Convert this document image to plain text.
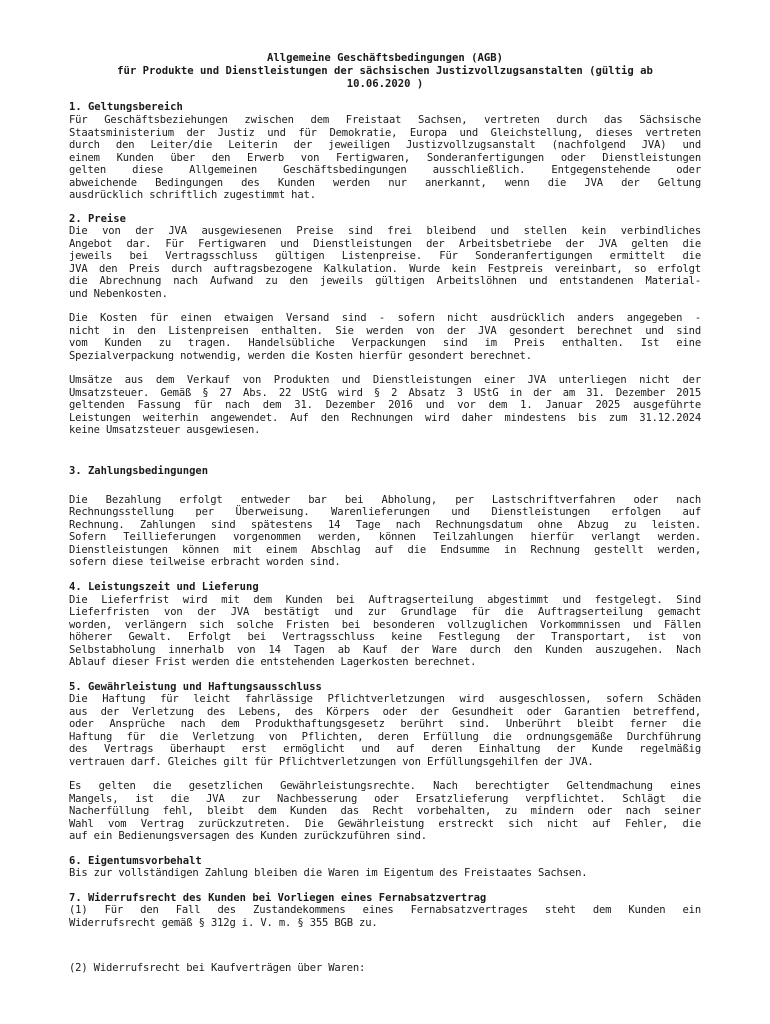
Allgemeine Geschäftsbedingungen (AGB)
für Produkte und Dienstleistungen der sächsischen Justizvollzugsanstalten (gültig ab
10.06.2020 )
1. Geltungsbereich
Für Geschäftsbeziehungen zwischen dem Freistaat Sachsen, vertreten durch das Sächsische
Staatsministerium der Justiz und für Demokratie, Europa und Gleichstellung, dieses vertreten
durch den Leiter/die Leiterin der jeweiligen Justizvollzugsanstalt (nachfolgend JVA) und
einem Kunden über den Erwerb von Fertigwaren, Sonderanfertigungen oder Dienstleistungen
gelten diese Allgemeinen Geschäftsbedingungen ausschließlich. Entgegenstehende oder
abweichende Bedingungen des Kunden werden nur anerkannt, wenn die JVA der Geltung
ausdrücklich schriftlich zugestimmt hat.
2. Preise
Die von der JVA ausgewiesenen Preise sind frei bleibend und stellen kein verbindliches
Angebot dar. Für Fertigwaren und Dienstleistungen der Arbeitsbetriebe der JVA gelten die
jeweils bei Vertragsschluss gültigen Listenpreise. Für Sonderanfertigungen ermittelt die
JVA den Preis durch auftragsbezogene Kalkulation. Wurde kein Festpreis vereinbart, so erfolgt
die Abrechnung nach Aufwand zu den jeweils gültigen Arbeitslöhnen und entstandenen Material-
und Nebenkosten.
Die Kosten für einen etwaigen Versand sind - sofern nicht ausdrücklich anders angegeben -
nicht in den Listenpreisen enthalten. Sie werden von der JVA gesondert berechnet und sind
vom Kunden zu tragen. Handelsübliche Verpackungen sind im Preis enthalten. Ist eine
Spezialverpackung notwendig, werden die Kosten hierfür gesondert berechnet.
Umsätze aus dem Verkauf von Produkten und Dienstleistungen einer JVA unterliegen nicht der
Umsatzsteuer. Gemäß § 27 Abs. 22 UStG wird § 2 Absatz 3 UStG in der am 31. Dezember 2015
geltenden Fassung für nach dem 31. Dezember 2016 und vor dem 1. Januar 2025 ausgeführte
Leistungen weiterhin angewendet. Auf den Rechnungen wird daher mindestens bis zum 31.12.2024
keine Umsatzsteuer ausgewiesen.
3. Zahlungsbedingungen
Die Bezahlung erfolgt entweder bar bei Abholung, per Lastschriftverfahren oder nach
Rechnungsstellung per Überweisung. Warenlieferungen und Dienstleistungen erfolgen auf
Rechnung. Zahlungen sind spätestens 14 Tage nach Rechnungsdatum ohne Abzug zu leisten.
Sofern Teillieferungen vorgenommen werden, können Teilzahlungen hierfür verlangt werden.
Dienstleistungen können mit einem Abschlag auf die Endsumme in Rechnung gestellt werden,
sofern diese teilweise erbracht worden sind.
4. Leistungszeit und Lieferung
Die Lieferfrist wird mit dem Kunden bei Auftragserteilung abgestimmt und festgelegt. Sind
Lieferfristen von der JVA bestätigt und zur Grundlage für die Auftragserteilung gemacht
worden, verlängern sich solche Fristen bei besonderen vollzuglichen Vorkommnissen und Fällen
höherer Gewalt. Erfolgt bei Vertragsschluss keine Festlegung der Transportart, ist von
Selbstabholung innerhalb von 14 Tagen ab Kauf der Ware durch den Kunden auszugehen. Nach
Ablauf dieser Frist werden die entstehenden Lagerkosten berechnet.
5. Gewährleistung und Haftungsausschluss
Die Haftung für leicht fahrlässige Pflichtverletzungen wird ausgeschlossen, sofern Schäden
aus der Verletzung des Lebens, des Körpers oder der Gesundheit oder Garantien betreffend,
oder Ansprüche nach dem Produkthaftungsgesetz berührt sind. Unberührt bleibt ferner die
Haftung für die Verletzung von Pflichten, deren Erfüllung die ordnungsgemäße Durchführung
des Vertrags überhaupt erst ermöglicht und auf deren Einhaltung der Kunde regelmäßig
vertrauen darf. Gleiches gilt für Pflichtverletzungen von Erfüllungsgehilfen der JVA.
Es gelten die gesetzlichen Gewährleistungsrechte. Nach berechtigter Geltendmachung eines
Mangels, ist die JVA zur Nachbesserung oder Ersatzlieferung verpflichtet. Schlägt die
Nacherfüllung fehl, bleibt dem Kunden das Recht vorbehalten, zu mindern oder nach seiner
Wahl vom Vertrag zurückzutreten. Die Gewährleistung erstreckt sich nicht auf Fehler, die
auf ein Bedienungsversagen des Kunden zurückzuführen sind.
6. Eigentumsvorbehalt
Bis zur vollständigen Zahlung bleiben die Waren im Eigentum des Freistaates Sachsen.
7. Widerrufsrecht des Kunden bei Vorliegen eines Fernabsatzvertrag
(1) Für den Fall des Zustandekommens eines Fernabsatzvertrages steht dem Kunden ein
Widerrufsrecht gemäß § 312g i. V. m. § 355 BGB zu.
(2) Widerrufsrecht bei Kaufverträgen über Waren:
